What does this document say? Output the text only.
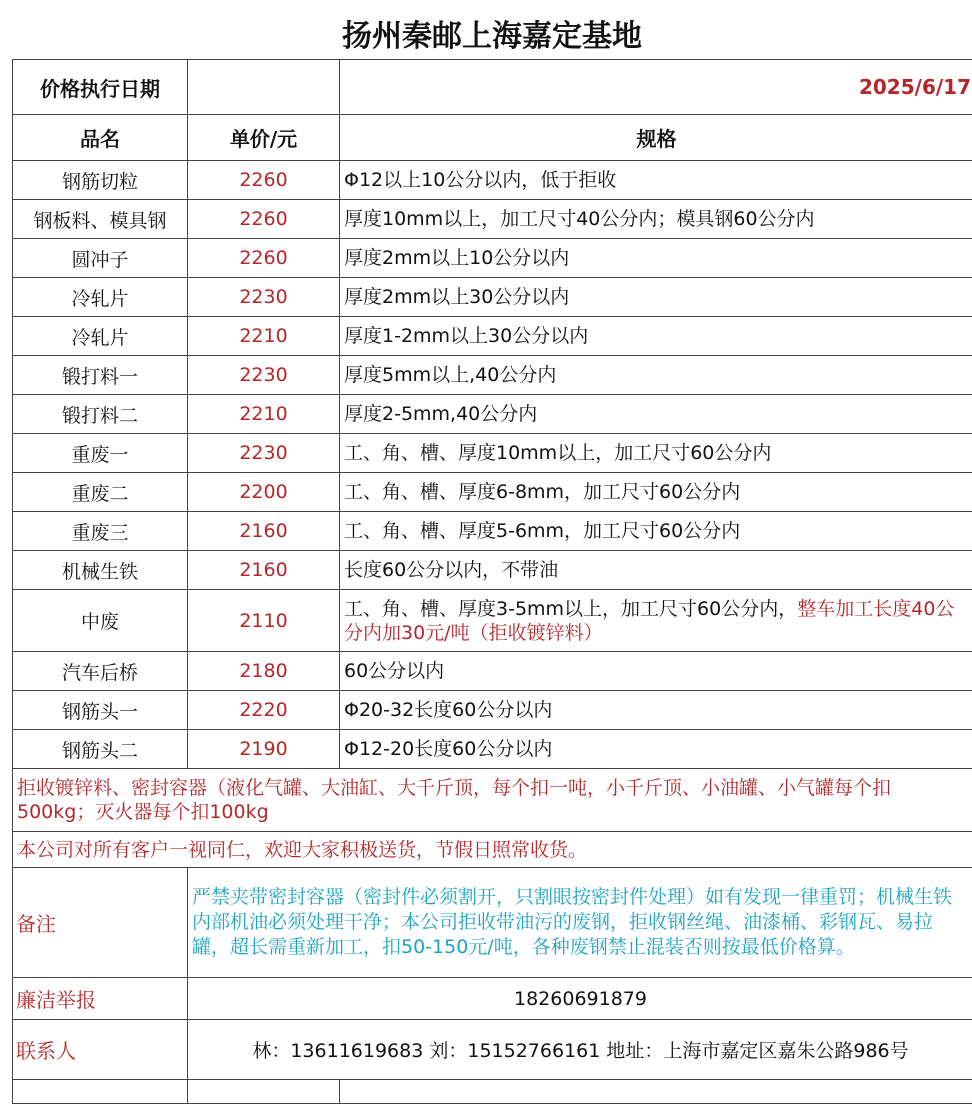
扬州秦邮上海嘉定基地
价格执行日期		2025/6/17
品名	单价/元	规格
钢筋切粒	2260	Φ12以上10公分以内，低于拒收
钢板料、模具钢	2260	厚度10mm以上，加工尺寸40公分内；模具钢60公分内
圆冲子	2260	厚度2mm以上10公分以内
冷轧片	2230	厚度2mm以上30公分以内
冷轧片	2210	厚度1-2mm以上30公分以内
锻打料一	2230	厚度5mm以上,40公分内
锻打料二	2210	厚度2-5mm,40公分内
重废一	2230	工、角、槽、厚度10mm以上，加工尺寸60公分内
重废二	2200	工、角、槽、厚度6-8mm，加工尺寸60公分内
重废三	2160	工、角、槽、厚度5-6mm，加工尺寸60公分内
机械生铁	2160	长度60公分以内，不带油
中废	2110	工、角、槽、厚度3-5mm以上，加工尺寸60公分内，整车加工长度40公分内加30元/吨（拒收镀锌料）
汽车后桥	2180	60公分以内
钢筋头一	2220	Φ20-32长度60公分以内
钢筋头二	2190	Φ12-20长度60公分以内
拒收镀锌料、密封容器（液化气罐、大油缸、大千斤顶，每个扣一吨，小千斤顶、小油罐、小气罐每个扣500kg；灭火器每个扣100kg		
本公司对所有客户一视同仁，欢迎大家积极送货，节假日照常收货。		
备注	严禁夹带密封容器（密封件必须割开，只割眼按密封件处理）如有发现一律重罚；机械生铁内部机油必须处理干净；本公司拒收带油污的废钢，拒收钢丝绳、油漆桶、彩钢瓦、易拉罐，超长需重新加工，扣50-150元/吨，各种废钢禁止混装否则按最低价格算。	
廉洁举报	18260691879	
联系人	林：13611619683 刘：15152766161 地址：上海市嘉定区嘉朱公路986号	
